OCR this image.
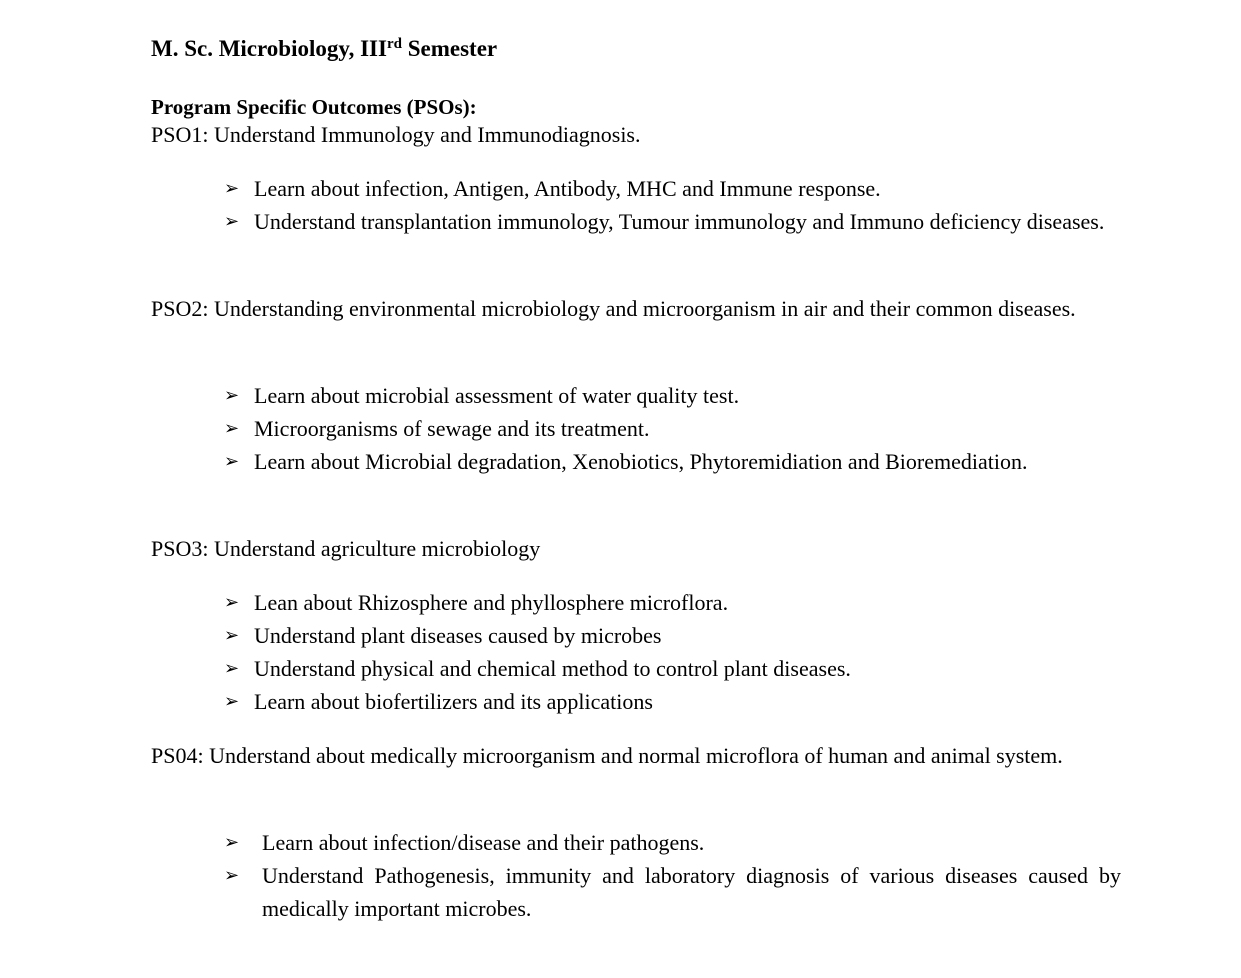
M. Sc. Microbiology, IIIrd Semester
Program Specific Outcomes (PSOs):
PSO1: Understand Immunology and Immunodiagnosis.
➢ Learn about infection, Antigen, Antibody, MHC and Immune response.
➢ Understand transplantation immunology, Tumour immunology and Immuno deficiency diseases.
PSO2: Understanding environmental microbiology and microorganism in air and their common diseases.
➢ Learn about microbial assessment of water quality test.
➢ Microorganisms of sewage and its treatment.
➢ Learn about Microbial degradation, Xenobiotics, Phytoremidiation and Bioremediation.
PSO3: Understand agriculture microbiology
➢ Lean about Rhizosphere and phyllosphere microflora.
➢ Understand plant diseases caused by microbes
➢ Understand physical and chemical method to control plant diseases.
➢ Learn about biofertilizers and its applications
PS04: Understand about medically microorganism and normal microflora of human and animal system.
➢	Learn about infection/disease and their pathogens.
➢	Understand Pathogenesis, immunity and laboratory diagnosis of various diseases caused by medically important microbes.
